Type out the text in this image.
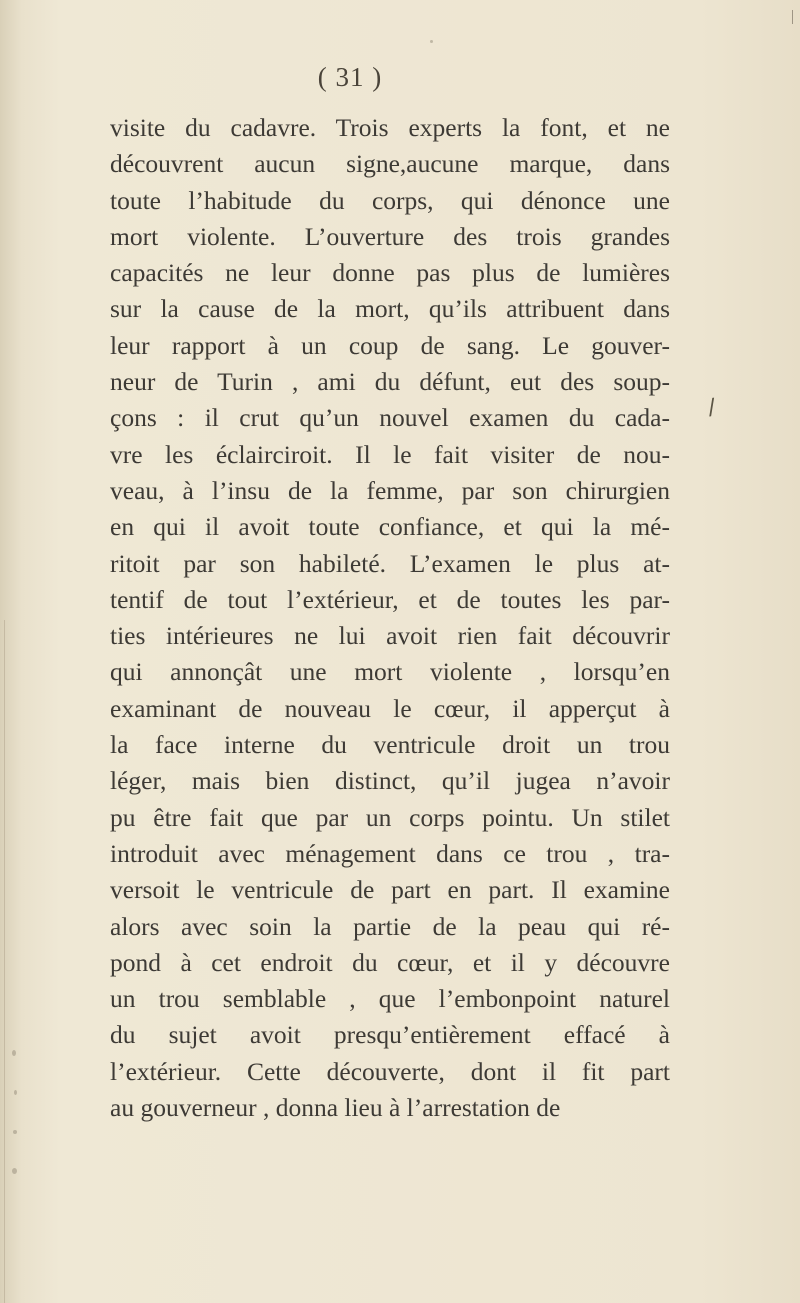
( 31 )
visite du cadavre. Trois experts la font, et ne
découvrent aucun signe,aucune marque, dans
toute l’habitude du corps, qui dénonce une
mort violente. L’ouverture des trois grandes
capacités ne leur donne pas plus de lumières
sur la cause de la mort, qu’ils attribuent dans
leur rapport à un coup de sang. Le gouver-
neur de Turin , ami du défunt, eut des soup-
çons : il crut qu’un nouvel examen du cada-
vre les éclairciroit. Il le fait visiter de nou-
veau, à l’insu de la femme, par son chirurgien
en qui il avoit toute confiance, et qui la mé-
ritoit par son habileté. L’examen le plus at-
tentif de tout l’extérieur, et de toutes les par-
ties intérieures ne lui avoit rien fait découvrir
qui annonçât une mort violente , lorsqu’en
examinant de nouveau le cœur, il apperçut à
la face interne du ventricule droit un trou
léger, mais bien distinct, qu’il jugea n’avoir
pu être fait que par un corps pointu. Un stilet
introduit avec ménagement dans ce trou , tra-
versoit le ventricule de part en part. Il examine
alors avec soin la partie de la peau qui ré-
pond à cet endroit du cœur, et il y découvre
un trou semblable , que l’embonpoint naturel
du sujet avoit presqu’entièrement effacé à
l’extérieur. Cette découverte, dont il fit part
au gouverneur , donna lieu à l’arrestation de
/
